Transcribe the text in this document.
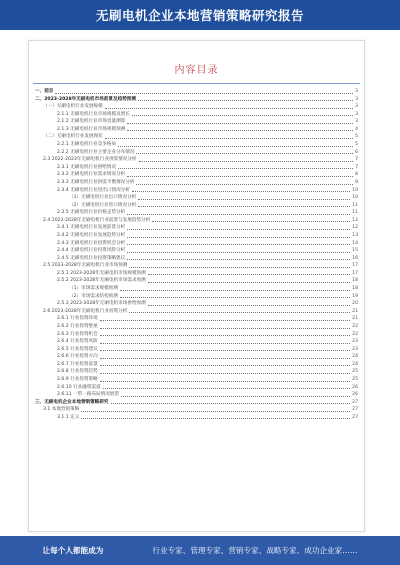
无刷电机企业本地营销策略研究报告
内容目录
一、前言	3
二、2023-2028年无刷电机市场前景及趋势预测	3
（一）无刷电机行业发展规模	3
2.1.1 无刷电机行业市场规模及增长	3
2.1.2 无刷电机行业市场容量测算	3
2.1.3 无刷电机行业市场规模预测	4
（二）无刷电机行业发展现状	5
2.2.1 无刷电机行业竞争格局	5
2.2.2 无刷电机行业主要企业分布情况	6
2.3 2022-2023年无刷电机行业供需情况分析	7
2.3.1 无刷电机行业供给情况	7
2.3.2 无刷电机行业需求情况分析	8
2.3.3 无刷电机行业供需平衡情况分析	9
2.3.4 无刷电机行业进出口情况分析	10
（1）无刷电机行业出口情况分析	10
（2）无刷电机行业进口情况分析	11
2.3.5 无刷电机行业价格走势分析	11
2.4 2023-2028年无刷电机行业前景与发展趋势分析	12
2.4.1 无刷电机行业发展前景分析	12
2.4.2 无刷电机行业发展趋势分析	13
2.4.3 无刷电机行业投资机会分析	14
2.4.4 无刷电机行业投资风险分析	15
2.4.5 无刷电机行业投资策略建议	16
2.5 2023-2028年无刷电机行业市场预测	17
2.5.1 2023-2028年无刷电机市场规模预测	17
2.5.2 2023-2028年无刷电机市场需求预测	18
（1）市场需求规模预测	18
（2）市场需求结构预测	19
2.5.3 2023-2028年无刷电机市场供给预测	20
2.6 2023-2028年无刷电机行业投资分析	21
2.6.1 行业投资环境	21
2.6.2 行业投资壁垒	22
2.6.3 行业投资机会	22
2.6.4 行业投资风险	23
2.6.5 行业投资建议	23
2.6.6 行业投资方向	24
2.6.7 行业投资前景	24
2.6.8 行业投资趋势	25
2.6.9 行业投资策略	25
2.6.10 行业融资渠道	26
2.6.11 一带一路布局情况展望	26
三、无刷电机企业本地营销策略研究	27
3.1 本地营销策略	27
3.1.1 定义	27
让每个人都能成为	行业专家、管理专家、营销专家、战略专家、成功企业家……
